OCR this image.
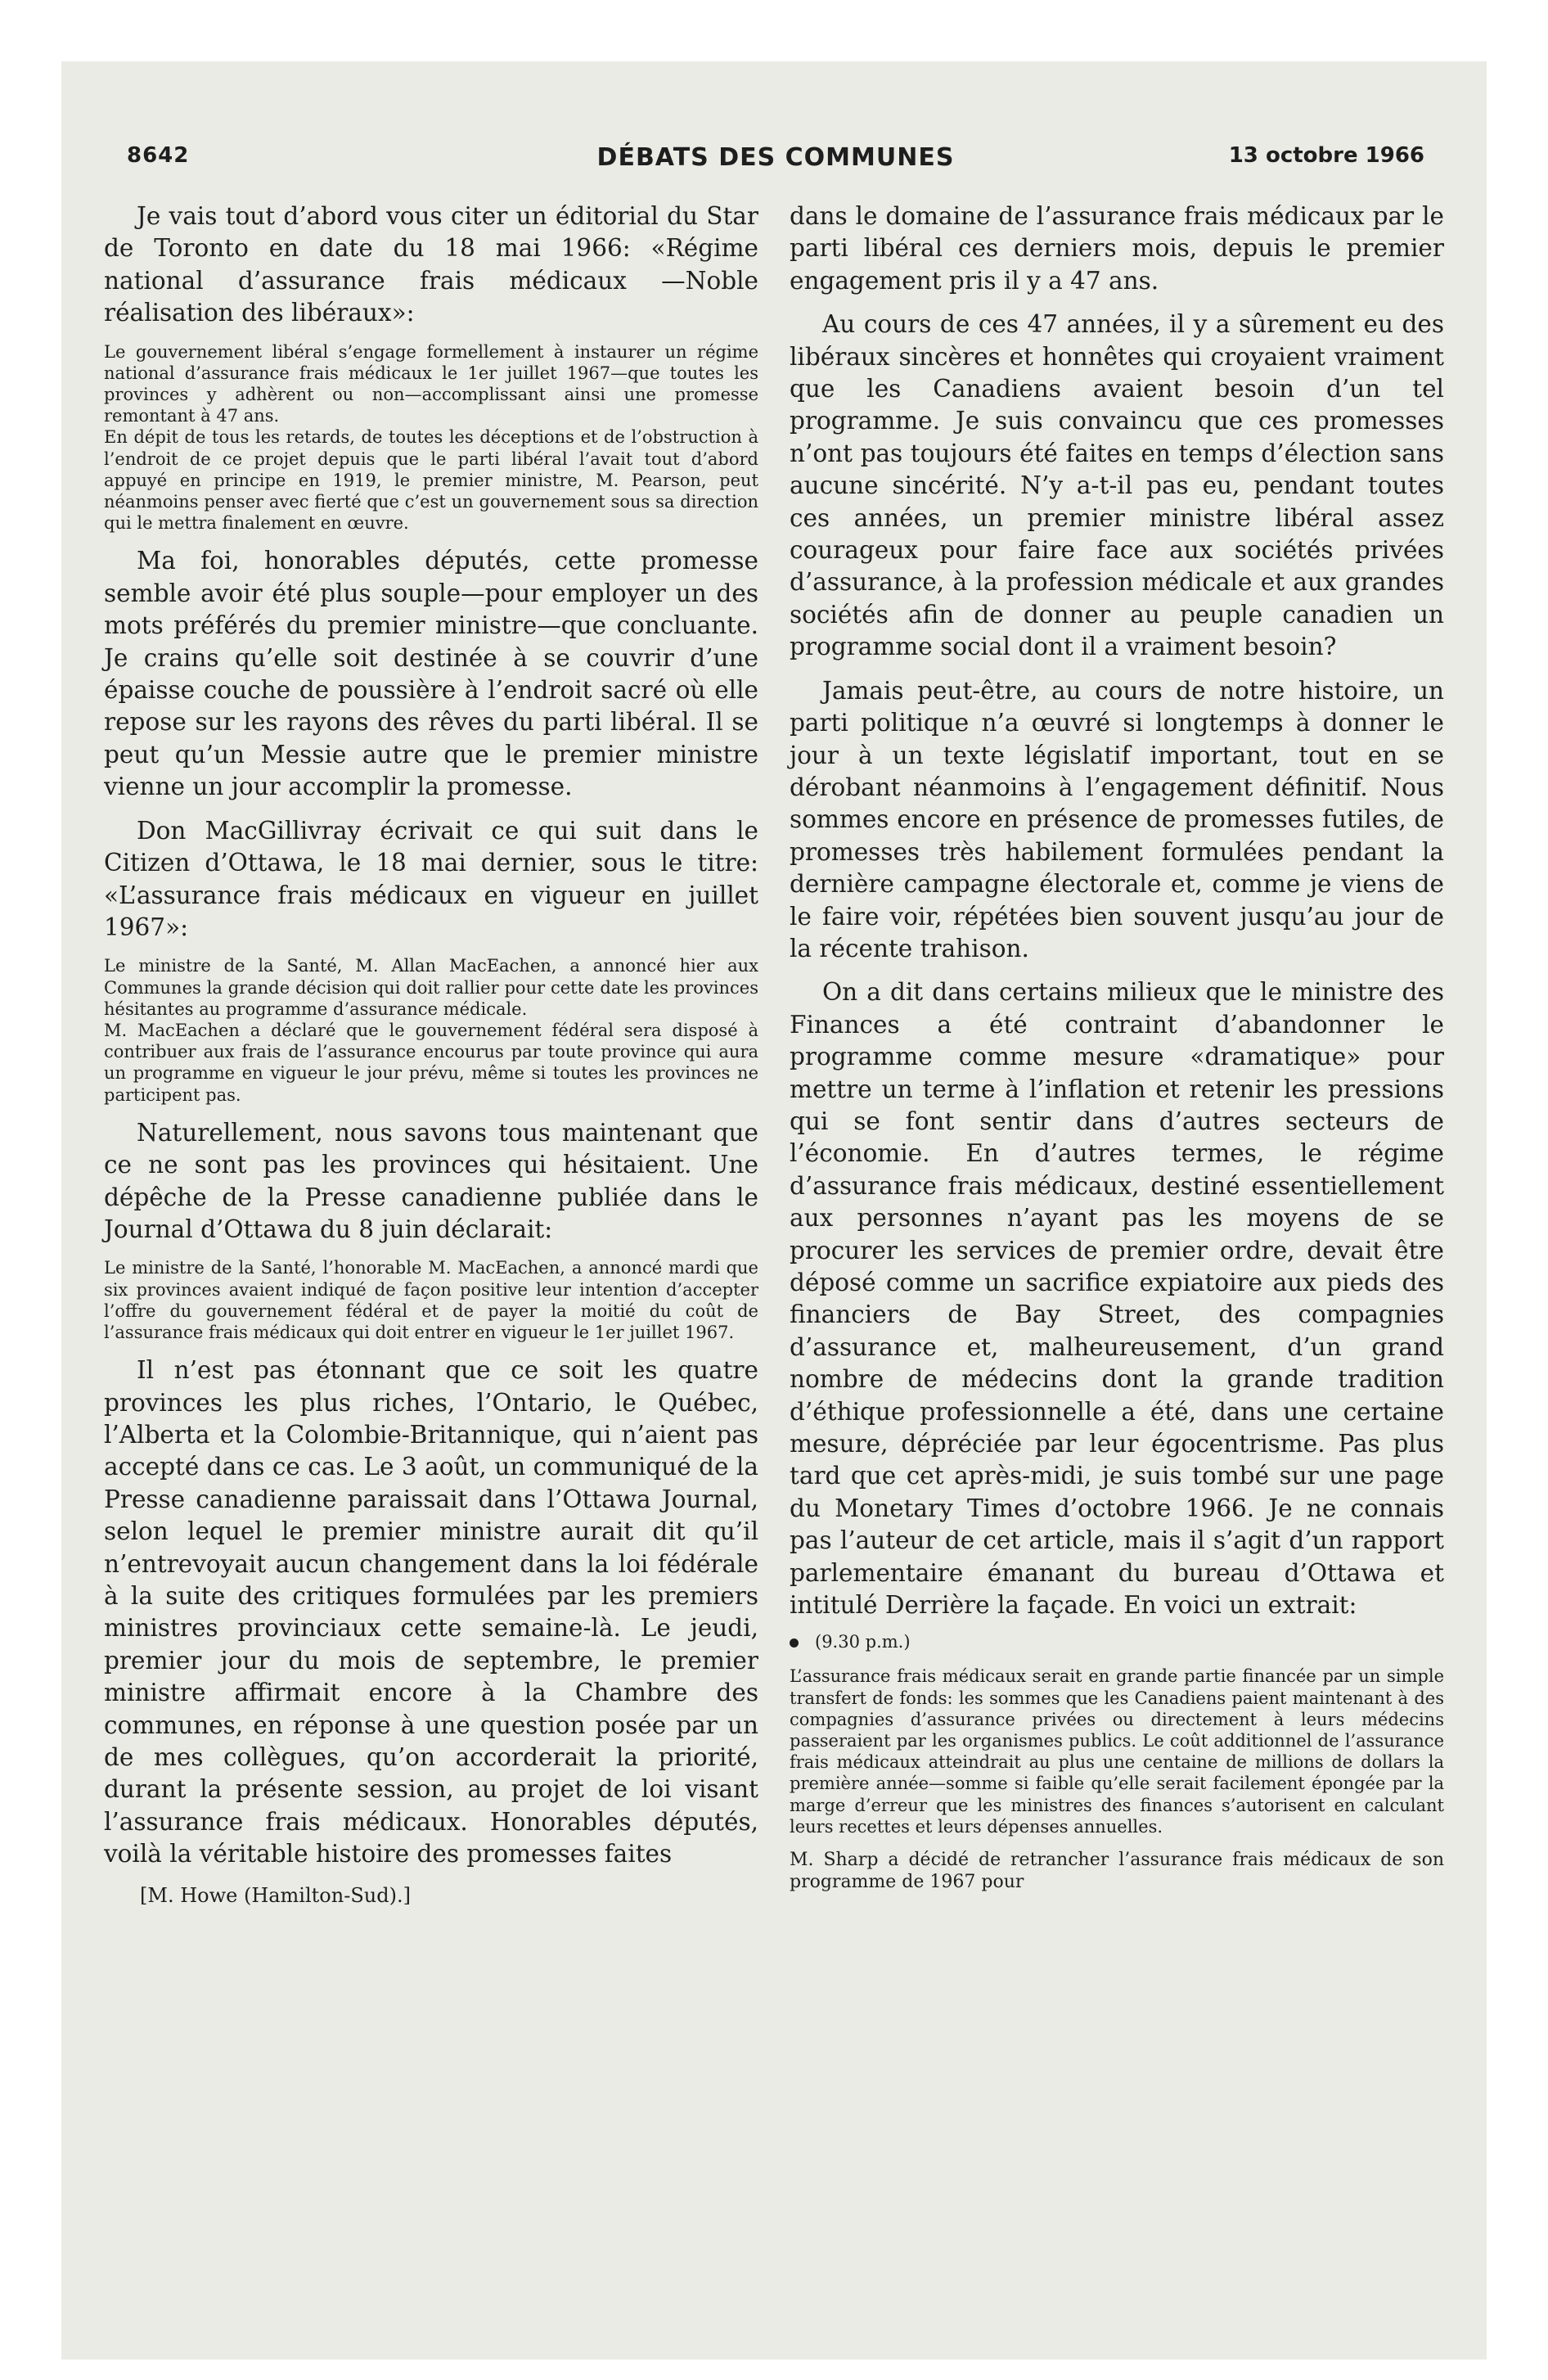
8642	DÉBATS DES COMMUNES	13 octobre 1966

Je vais tout d’abord vous citer un éditorial du Star de Toronto en date du 18 mai 1966: «Régime national d’assurance frais médicaux —Noble réalisation des libéraux»:

Le gouvernement libéral s’engage formellement à instaurer un régime national d’assurance frais médicaux le 1er juillet 1967—que toutes les provinces y adhèrent ou non—accomplissant ainsi une promesse remontant à 47 ans.

En dépit de tous les retards, de toutes les déceptions et de l’obstruction à l’endroit de ce projet depuis que le parti libéral l’avait tout d’abord appuyé en principe en 1919, le premier ministre, M. Pearson, peut néanmoins penser avec fierté que c’est un gouvernement sous sa direction qui le mettra finalement en œuvre.

Ma foi, honorables députés, cette promesse semble avoir été plus souple—pour employer un des mots préférés du premier ministre—que concluante. Je crains qu’elle soit destinée à se couvrir d’une épaisse couche de poussière à l’endroit sacré où elle repose sur les rayons des rêves du parti libéral. Il se peut qu’un Messie autre que le premier ministre vienne un jour accomplir la promesse.

Don MacGillivray écrivait ce qui suit dans le Citizen d’Ottawa, le 18 mai dernier, sous le titre: «L’assurance frais médicaux en vigueur en juillet 1967»:

Le ministre de la Santé, M. Allan MacEachen, a annoncé hier aux Communes la grande décision qui doit rallier pour cette date les provinces hésitantes au programme d’assurance médicale.

M. MacEachen a déclaré que le gouvernement fédéral sera disposé à contribuer aux frais de l’assurance encourus par toute province qui aura un programme en vigueur le jour prévu, même si toutes les provinces ne participent pas.

Naturellement, nous savons tous maintenant que ce ne sont pas les provinces qui hésitaient. Une dépêche de la Presse canadienne publiée dans le Journal d’Ottawa du 8 juin déclarait:

Le ministre de la Santé, l’honorable M. MacEachen, a annoncé mardi que six provinces avaient indiqué de façon positive leur intention d’accepter l’offre du gouvernement fédéral et de payer la moitié du coût de l’assurance frais médicaux qui doit entrer en vigueur le 1er juillet 1967.

Il n’est pas étonnant que ce soit les quatre provinces les plus riches, l’Ontario, le Québec, l’Alberta et la Colombie-Britannique, qui n’aient pas accepté dans ce cas. Le 3 août, un communiqué de la Presse canadienne paraissait dans l’Ottawa Journal, selon lequel le premier ministre aurait dit qu’il n’entrevoyait aucun changement dans la loi fédérale à la suite des critiques formulées par les premiers ministres provinciaux cette semaine-là. Le jeudi, premier jour du mois de septembre, le premier ministre affirmait encore à la Chambre des communes, en réponse à une question posée par un de mes collègues, qu’on accorderait la priorité, durant la présente session, au projet de loi visant l’assurance frais médicaux. Honorables députés, voilà la véritable histoire des promesses faites

[M. Howe (Hamilton-Sud).]

dans le domaine de l’assurance frais médicaux par le parti libéral ces derniers mois, depuis le premier engagement pris il y a 47 ans.

Au cours de ces 47 années, il y a sûrement eu des libéraux sincères et honnêtes qui croyaient vraiment que les Canadiens avaient besoin d’un tel programme. Je suis convaincu que ces promesses n’ont pas toujours été faites en temps d’élection sans aucune sincérité. N’y a-t-il pas eu, pendant toutes ces années, un premier ministre libéral assez courageux pour faire face aux sociétés privées d’assurance, à la profession médicale et aux grandes sociétés afin de donner au peuple canadien un programme social dont il a vraiment besoin?

Jamais peut-être, au cours de notre histoire, un parti politique n’a œuvré si longtemps à donner le jour à un texte législatif important, tout en se dérobant néanmoins à l’engagement définitif. Nous sommes encore en présence de promesses futiles, de promesses très habilement formulées pendant la dernière campagne électorale et, comme je viens de le faire voir, répétées bien souvent jusqu’au jour de la récente trahison.

On a dit dans certains milieux que le ministre des Finances a été contraint d’abandonner le programme comme mesure «dramatique» pour mettre un terme à l’inflation et retenir les pressions qui se font sentir dans d’autres secteurs de l’économie. En d’autres termes, le régime d’assurance frais médicaux, destiné essentiellement aux personnes n’ayant pas les moyens de se procurer les services de premier ordre, devait être déposé comme un sacrifice expiatoire aux pieds des financiers de Bay Street, des compagnies d’assurance et, malheureusement, d’un grand nombre de médecins dont la grande tradition d’éthique professionnelle a été, dans une certaine mesure, dépréciée par leur égocentrisme. Pas plus tard que cet après-midi, je suis tombé sur une page du Monetary Times d’octobre 1966. Je ne connais pas l’auteur de cet article, mais il s’agit d’un rapport parlementaire émanant du bureau d’Ottawa et intitulé Derrière la façade. En voici un extrait:

(9.30 p.m.)

L’assurance frais médicaux serait en grande partie financée par un simple transfert de fonds: les sommes que les Canadiens paient maintenant à des compagnies d’assurance privées ou directement à leurs médecins passeraient par les organismes publics. Le coût additionnel de l’assurance frais médicaux atteindrait au plus une centaine de millions de dollars la première année—somme si faible qu’elle serait facilement épongée par la marge d’erreur que les ministres des finances s’autorisent en calculant leurs recettes et leurs dépenses annuelles.

M. Sharp a décidé de retrancher l’assurance frais médicaux de son programme de 1967 pour
